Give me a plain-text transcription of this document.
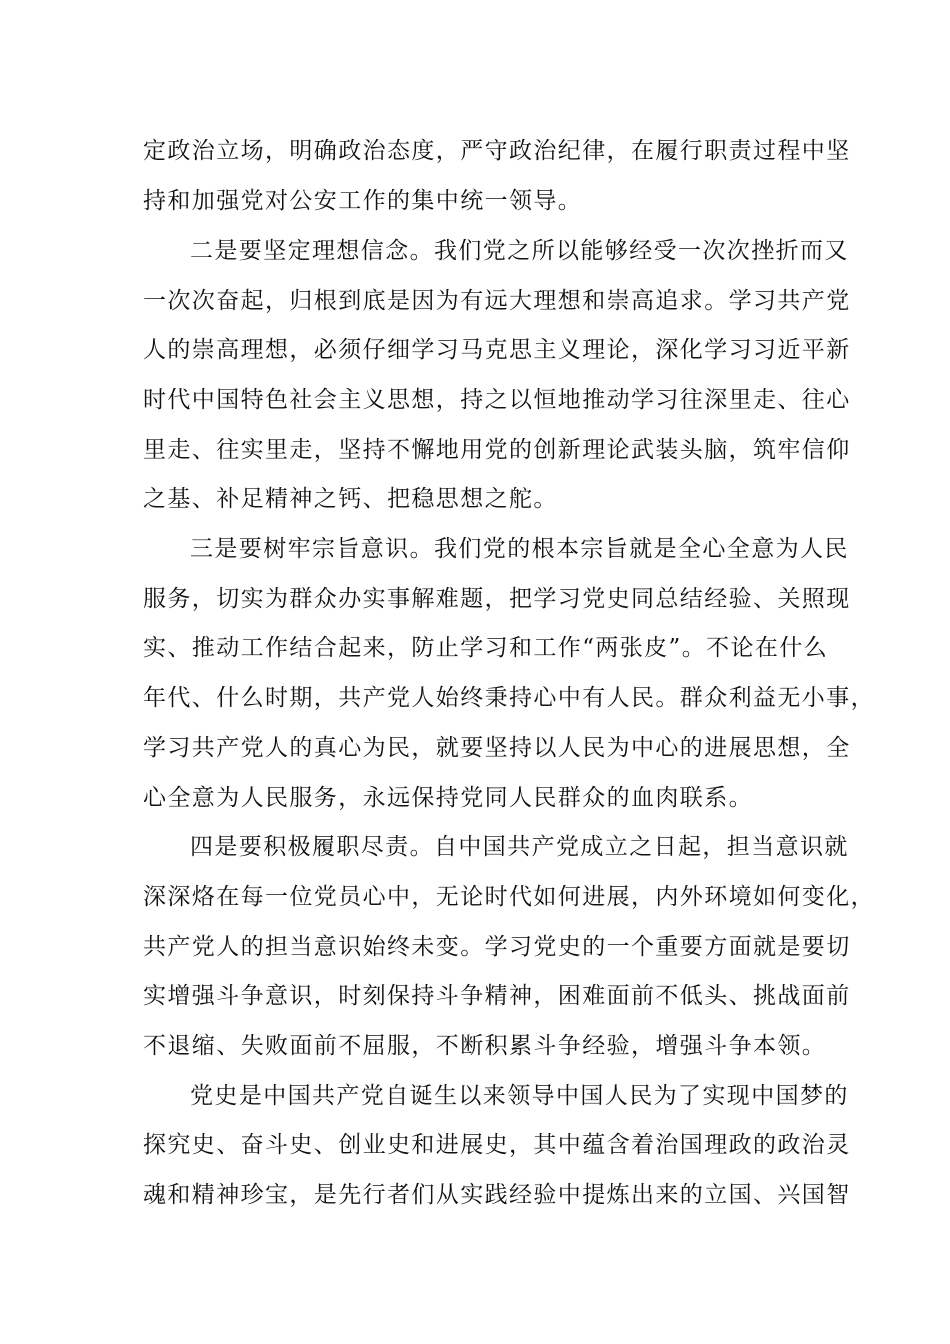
定政治立场，明确政治态度，严守政治纪律，在履行职责过程中坚
持和加强党对公安工作的集中统一领导。
二是要坚定理想信念。我们党之所以能够经受一次次挫折而又
一次次奋起，归根到底是因为有远大理想和崇高追求。学习共产党
人的崇高理想，必须仔细学习马克思主义理论，深化学习习近平新
时代中国特色社会主义思想，持之以恒地推动学习往深里走、往心
里走、往实里走，坚持不懈地用党的创新理论武装头脑，筑牢信仰
之基、补足精神之钙、把稳思想之舵。
三是要树牢宗旨意识。我们党的根本宗旨就是全心全意为人民
服务，切实为群众办实事解难题，把学习党史同总结经验、关照现
实、推动工作结合起来，防止学习和工作“两张皮”。不论在什么
年代、什么时期，共产党人始终秉持心中有人民。群众利益无小事，
学习共产党人的真心为民，就要坚持以人民为中心的进展思想，全
心全意为人民服务，永远保持党同人民群众的血肉联系。
四是要积极履职尽责。自中国共产党成立之日起，担当意识就
深深烙在每一位党员心中，无论时代如何进展，内外环境如何变化，
共产党人的担当意识始终未变。学习党史的一个重要方面就是要切
实增强斗争意识，时刻保持斗争精神，困难面前不低头、挑战面前
不退缩、失败面前不屈服，不断积累斗争经验，增强斗争本领。
党史是中国共产党自诞生以来领导中国人民为了实现中国梦的
探究史、奋斗史、创业史和进展史，其中蕴含着治国理政的政治灵
魂和精神珍宝，是先行者们从实践经验中提炼出来的立国、兴国智
